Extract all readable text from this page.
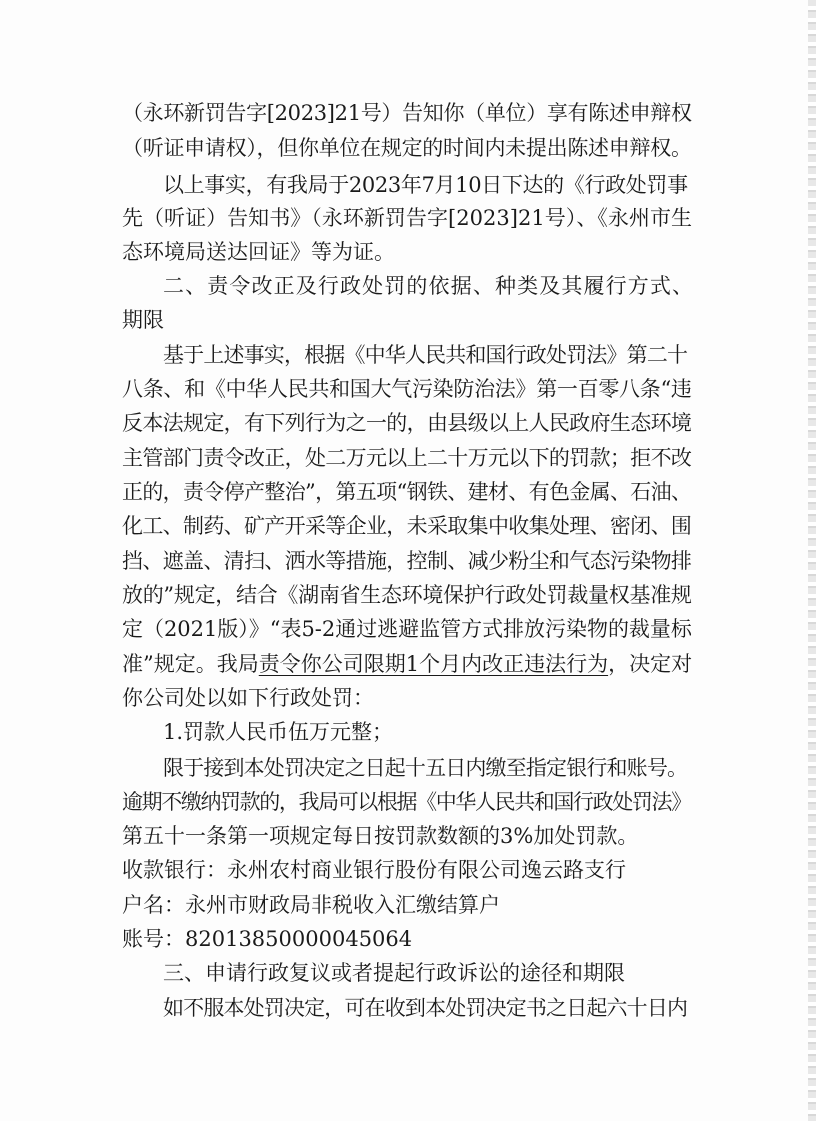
（永环新罚告字[2023]21号）告知你（单位）享有陈述申辩权
（听证申请权），但你单位在规定的时间内未提出陈述申辩权。
以上事实，有我局于2023年7月10日下达的《行政处罚事
先（听证）告知书》（永环新罚告字[2023]21号）、《永州市生
态环境局送达回证》等为证。
二、责令改正及行政处罚的依据、种类及其履行方式、
期限
基于上述事实，根据《中华人民共和国行政处罚法》第二十
八条、和《中华人民共和国大气污染防治法》第一百零八条“违
反本法规定，有下列行为之一的，由县级以上人民政府生态环境
主管部门责令改正，处二万元以上二十万元以下的罚款；拒不改
正的，责令停产整治”，第五项“钢铁、建材、有色金属、石油、
化工、制药、矿产开采等企业，未采取集中收集处理、密闭、围
挡、遮盖、清扫、洒水等措施，控制、减少粉尘和气态污染物排
放的”规定，结合《湖南省生态环境保护行政处罚裁量权基准规
定（2021版）》“表5-2通过逃避监管方式排放污染物的裁量标
准”规定。我局责令你公司限期1个月内改正违法行为，决定对
你公司处以如下行政处罚：
1.罚款人民币伍万元整；
限于接到本处罚决定之日起十五日内缴至指定银行和账号。
逾期不缴纳罚款的，我局可以根据《中华人民共和国行政处罚法》
第五十一条第一项规定每日按罚款数额的3%加处罚款。
收款银行：永州农村商业银行股份有限公司逸云路支行
户名：永州市财政局非税收入汇缴结算户
账号：82013850000045064
三、申请行政复议或者提起行政诉讼的途径和期限
如不服本处罚决定，可在收到本处罚决定书之日起六十日内
